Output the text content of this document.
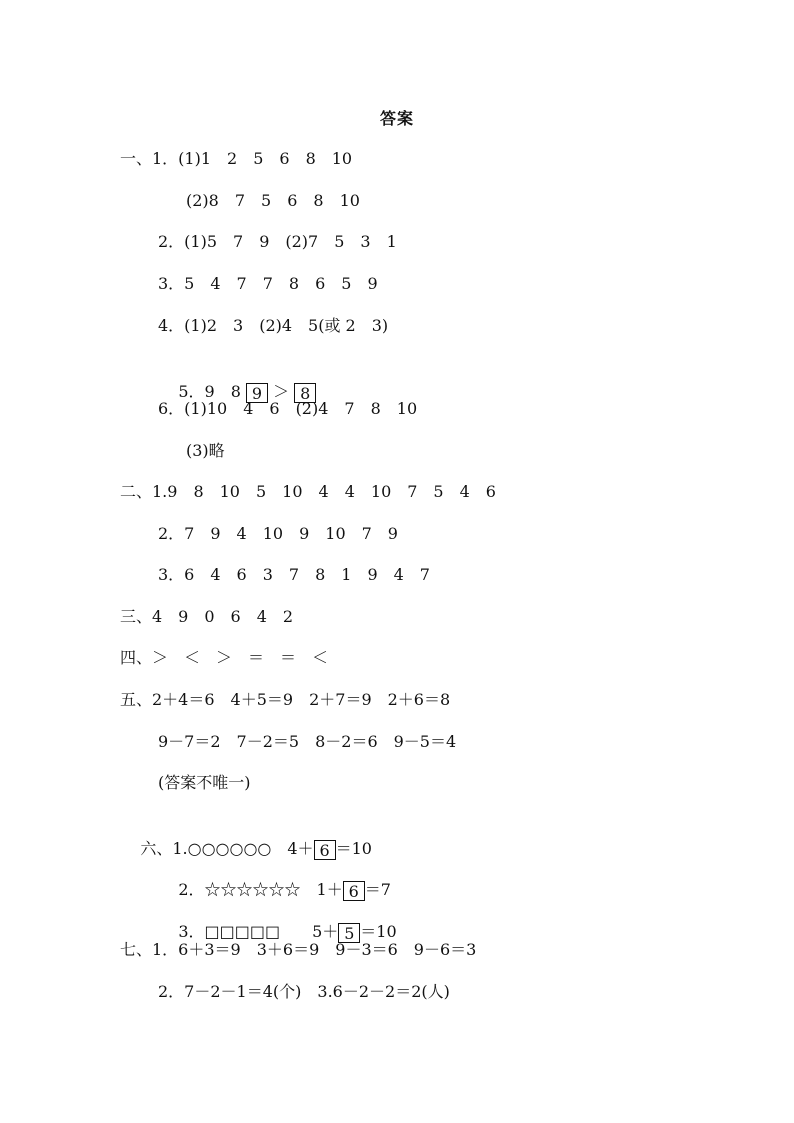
答案
一、1．(1)1　2　5　6　8　10
(2)8　7　5　6　8　10
2．(1)5　7　9　(2)7　5　3　1
3．5　4　7　7　8　6　5　9
4．(1)2　3　(2)4　5(或 2　3)

5．9　8 9 ＞ 8

6．(1)10　4　6　(2)4　7　8　10
(3)略
二、1.9　8　10　5　10　4　4　10　7　5　4　6
2．7　9　4　10　9　10　7　9
3．6　4　6　3　7　8　1　9　4　7
三、4　9　0　6　4　2
四、＞　＜　＞　＝　＝　＜
五、2＋4＝6　4＋5＝9　2＋7＝9　2＋6＝8
9－7＝2　7－2＝5　8－2＝6　9－5＝4
(答案不唯一)

六、1.○○○○○○　4＋ 6 ＝10

2．☆☆☆☆☆☆　1＋ 6 ＝7

3．□□□□□　　5＋ 5 ＝10

七、1．6＋3＝9　3＋6＝9　9－3＝6　9－6＝3
2．7－2－1＝4(个)　3.6－2－2＝2(人)
